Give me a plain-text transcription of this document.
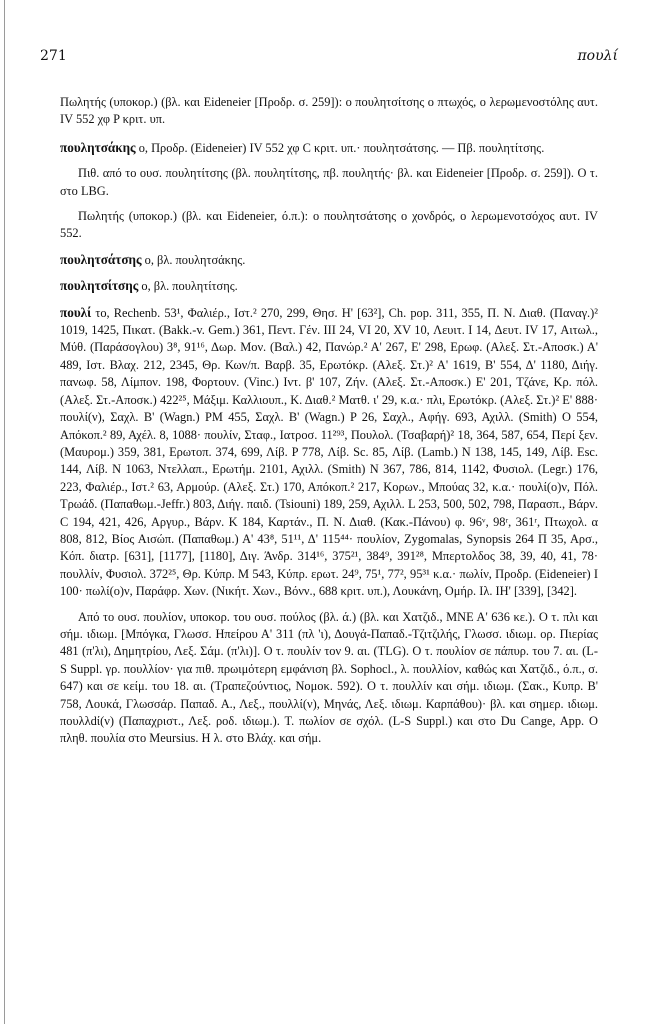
271	πουλί

Πωλητής (υποκορ.) (βλ. και Eideneier [Προδρ. σ. 259]): ο πουλητσίτσης ο πτωχός, ο λερωμενοστόλης αυτ. IV 552 χφ P κριτ. υπ.

πουλητσάκης ο, Προδρ. (Eideneier) IV 552 χφ C κριτ. υπ.· πουλητσάτσης. — Πβ. πουλητίτσης.

Πιθ. από το ουσ. πουλητίτσης (βλ. πουλητίτσης, πβ. πουλητής· βλ. και Eideneier [Προδρ. σ. 259]). Ο τ. στο LBG.

Πωλητής (υποκορ.) (βλ. και Eideneier, ό.π.): ο πουλητσάτσης ο χονδρός, ο λερωμενοτσόχος αυτ. IV 552.

πουλητσάτσης ο, βλ. πουλητσάκης.

πουλητσίτσης ο, βλ. πουλητίτσης.

πουλί το, Rechenb. 53¹, Φαλιέρ., Ιστ.² 270, 299, Θησ. Η' [63²], Ch. pop. 311, 355, Π. Ν. Διαθ. (Παναγ.)² 1019, 1425, Πικατ. (Bakk.-v. Gem.) 361, Πεντ. Γέν. III 24, VI 20, XV 10, Λευιτ. I 14, Δευτ. IV 17, Αιτωλ., Μύθ. (Παράσογλου) 3⁸, 91¹⁶, Δωρ. Μον. (Βαλ.) 42, Πανώρ.² Α' 267, Ε' 298, Ερωφ. (Αλεξ. Στ.-Αποσκ.) Α' 489, Ιστ. Βλαχ. 212, 2345, Θρ. Κων/π. Βαρβ. 35, Ερωτόκρ. (Αλεξ. Στ.)² Α' 1619, Β' 554, Δ' 1180, Διήγ. πανωφ. 58, Λίμπον. 198, Φορτουν. (Vinc.) Ιντ. β' 107, Ζήν. (Αλεξ. Στ.-Αποσκ.) Ε' 201, Τζάνε, Κρ. πόλ. (Αλεξ. Στ.-Αποσκ.) 422²⁵, Μάξιμ. Καλλιουπ., Κ. Διαθ.² Ματθ. ι' 29, κ.α.· πλι, Ερωτόκρ. (Αλεξ. Στ.)² Ε' 888· πουλί(ν), Σαχλ. Β' (Wagn.) PM 455, Σαχλ. Β' (Wagn.) P 26, Σαχλ., Αφήγ. 693, Αχιλλ. (Smith) O 554, Απόκοπ.² 89, Αχέλ. 8, 1088· πουλίν, Σταφ., Ιατροσ. 11²⁹³, Πουλολ. (Τσαβαρή)² 18, 364, 587, 654, Περί ξεν. (Μαυρομ.) 359, 381, Ερωτοπ. 374, 699, Λίβ. P 778, Λίβ. Sc. 85, Λίβ. (Lamb.) N 138, 145, 149, Λίβ. Esc. 144, Λίβ. N 1063, Ντελλαπ., Ερωτήμ. 2101, Αχιλλ. (Smith) N 367, 786, 814, 1142, Φυσιολ. (Legr.) 176, 223, Φαλιέρ., Ιστ.² 63, Αρμούρ. (Αλεξ. Στ.) 170, Απόκοπ.² 217, Κορων., Μπούας 32, κ.α.· πουλί(ο)ν, Πόλ. Τρωάδ. (Παπαθωμ.-Jeffr.) 803, Διήγ. παιδ. (Tsiouni) 189, 259, Αχιλλ. L 253, 500, 502, 798, Παρασπ., Βάρν. C 194, 421, 426, Αργυρ., Βάρν. K 184, Καρτάν., Π. Ν. Διαθ. (Κακ.-Πάνου) φ. 96ᵛ, 98ʳ, 361ʳ, Πτωχολ. α 808, 812, Βίος Αισώπ. (Παπαθωμ.) Α' 43⁸, 51¹¹, Δ' 115⁴⁴· πουλίον, Zygomalas, Synopsis 264 Π 35, Αρσ., Κόπ. διατρ. [631], [1177], [1180], Διγ. Άνδρ. 314¹⁶, 375²¹, 384⁹, 391²⁸, Μπερτολδος 38, 39, 40, 41, 78· πουλλίν, Φυσιολ. 372²⁵, Θρ. Κύπρ. Μ 543, Κύπρ. ερωτ. 24⁹, 75¹, 77², 95³¹ κ.α.· πωλίν, Προδρ. (Eideneier) I 100· πωλί(ο)ν, Παράφρ. Χων. (Νικήτ. Χων., Βόνν., 688 κριτ. υπ.), Λουκάνη, Ομήρ. Ιλ. ΙΗ' [339], [342].

Από το ουσ. πουλίον, υποκορ. του ουσ. πούλος (βλ. ά.) (βλ. και Χατζιδ., ΜΝΕ Α' 636 κε.). Ο τ. πλι και σήμ. ιδιωμ. [Μπόγκα, Γλωσσ. Ηπείρου Α' 311 (πλ 'ι), Δουγά-Παπαδ.-Τζιτζιλής, Γλωσσ. ιδιωμ. ορ. Πιερίας 481 (π'λι), Δημητρίου, Λεξ. Σάμ. (π'λι)]. Ο τ. πουλίν τον 9. αι. (TLG). Ο τ. πουλίον σε πάπυρ. του 7. αι. (L-S Suppl. γρ. πουλλίον· για πιθ. πρωιμότερη εμφάνιση βλ. Sophocl., λ. πουλλίον, καθώς και Χατζιδ., ό.π., σ. 647) και σε κείμ. του 18. αι. (Τραπεζούντιος, Νομοκ. 592). Ο τ. πουλλίν και σήμ. ιδιωμ. (Σακ., Κυπρ. Β' 758, Λουκά, Γλωσσάρ. Παπαδ. Α., Λεξ., πουλλί(ν), Μηνάς, Λεξ. ιδιωμ. Καρπάθου)· βλ. και σημερ. ιδιωμ. πουλλdί(ν) (Παπαχριστ., Λεξ. ροδ. ιδιωμ.). Τ. πωλίον σε σχόλ. (L-S Suppl.) και στο Du Cange, App. Ο πληθ. πουλία στο Meursius. Η λ. στο Βλάχ. και σήμ.
